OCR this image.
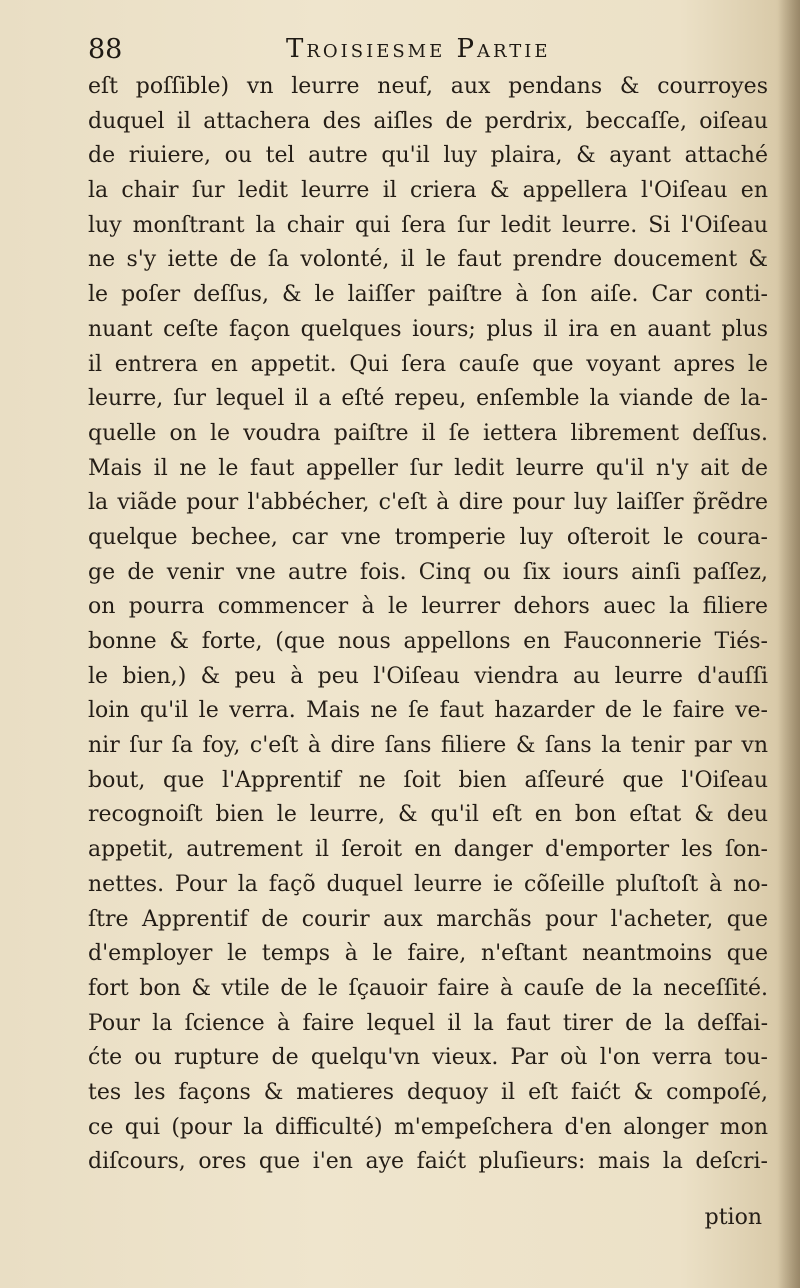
88	Troisiesme Partie
eſt poſſible) vn leurre neuf, aux pendans & courroyes
duquel il attachera des aiſles de perdrix, beccaſſe, oiſeau
de riuiere, ou tel autre qu'il luy plaira, & ayant attaché
la chair ſur ledit leurre il criera & appellera l'Oiſeau en
luy monſtrant la chair qui ſera ſur ledit leurre. Si l'Oiſeau
ne s'y iette de ſa volonté, il le faut prendre doucement &
le poſer deſſus, & le laiſſer paiſtre à ſon aiſe. Car conti-
nuant ceſte façon quelques iours; plus il ira en auant plus
il entrera en appetit. Qui ſera cauſe que voyant apres le
leurre, ſur lequel il a eſté repeu, enſemble la viande de la-
quelle on le voudra paiſtre il ſe iettera librement deſſus.
Mais il ne le faut appeller ſur ledit leurre qu'il n'y ait de
la viãde pour l'abbécher, c'eſt à dire pour luy laiſſer p̃rẽdre
quelque bechee, car vne tromperie luy oſteroit le coura-
ge de venir vne autre fois. Cinq ou ſix iours ainſi paſſez,
on pourra commencer à le leurrer dehors auec la filiere
bonne & forte, (que nous appellons en Fauconnerie Tiés-
le bien,) & peu à peu l'Oiſeau viendra au leurre d'auſſi
loin qu'il le verra. Mais ne ſe faut hazarder de le faire ve-
nir ſur ſa foy, c'eſt à dire ſans filiere & ſans la tenir par vn
bout, que l'Apprentif ne ſoit bien aſſeuré que l'Oiſeau
recognoiſt bien le leurre, & qu'il eſt en bon eſtat & deu
appetit, autrement il ſeroit en danger d'emporter les ſon-
nettes. Pour la façõ duquel leurre ie cõſeille pluſtoſt à no-
ſtre Apprentif de courir aux marchãs pour l'acheter, que
d'employer le temps à le faire, n'eſtant neantmoins que
fort bon & vtile de le ſçauoir faire à cauſe de la neceſſité.
Pour la ſcience à faire lequel il la faut tirer de la deſfai-
ćte ou rupture de quelqu'vn vieux. Par où l'on verra tou-
tes les façons & matieres dequoy il eſt faićt & compoſé,
ce qui (pour la difficulté) m'empeſchera d'en alonger mon
diſcours, ores que i'en aye faićt pluſieurs: mais la deſcri-
ption
